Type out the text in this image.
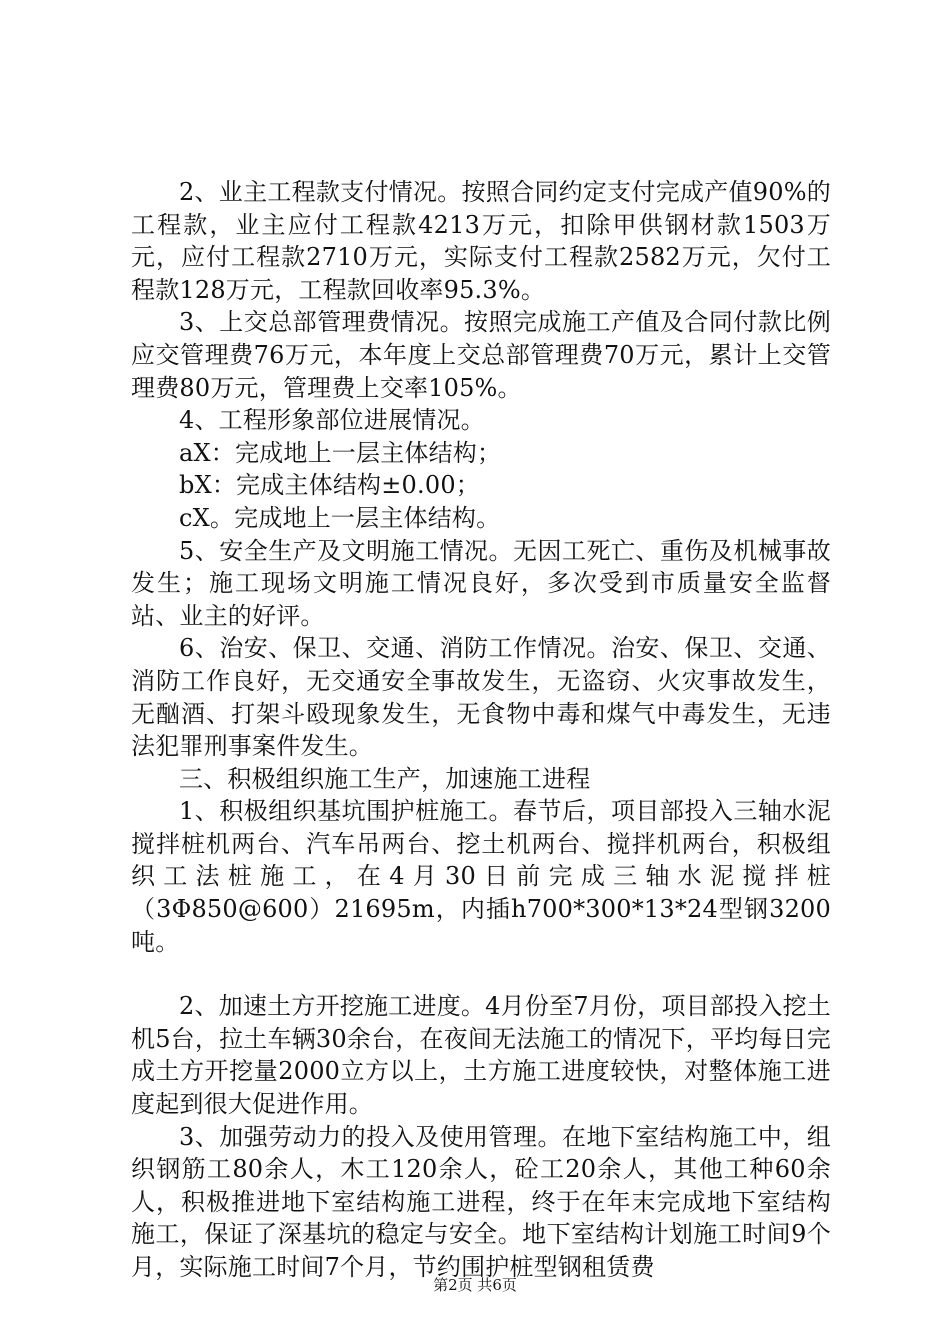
2、业主工程款支付情况。按照合同约定支付完成产值90%的工程款，业主应付工程款4213万元，扣除甲供钢材款1503万元，应付工程款2710万元，实际支付工程款2582万元，欠付工程款128万元，工程款回收率95.3%。

3、上交总部管理费情况。按照完成施工产值及合同付款比例应交管理费76万元，本年度上交总部管理费70万元，累计上交管理费80万元，管理费上交率105%。

4、工程形象部位进展情况。

aX：完成地上一层主体结构；

bX：完成主体结构±0.00；

cX。完成地上一层主体结构。

5、安全生产及文明施工情况。无因工死亡、重伤及机械事故发生；施工现场文明施工情况良好，多次受到市质量安全监督站、业主的好评。

6、治安、保卫、交通、消防工作情况。治安、保卫、交通、消防工作良好，无交通安全事故发生，无盗窃、火灾事故发生，无酗酒、打架斗殴现象发生，无食物中毒和煤气中毒发生，无违法犯罪刑事案件发生。

三、积极组织施工生产，加速施工进程

1、积极组织基坑围护桩施工。春节后，项目部投入三轴水泥搅拌桩机两台、汽车吊两台、挖土机两台、搅拌机两台，积极组织工法桩施工，在4月30日前完成三轴水泥搅拌桩（3Φ850@600）21695m，内插h700*300*13*24型钢3200吨。

2、加速土方开挖施工进度。4月份至7月份，项目部投入挖土机5台，拉土车辆30余台，在夜间无法施工的情况下，平均每日完成土方开挖量2000立方以上，土方施工进度较快，对整体施工进度起到很大促进作用。

3、加强劳动力的投入及使用管理。在地下室结构施工中，组织钢筋工80余人，木工120余人，砼工20余人，其他工种60余人，积极推进地下室结构施工进程，终于在年末完成地下室结构施工，保证了深基坑的稳定与安全。地下室结构计划施工时间9个月，实际施工时间7个月，节约围护桩型钢租赁费

第2页 共6页
